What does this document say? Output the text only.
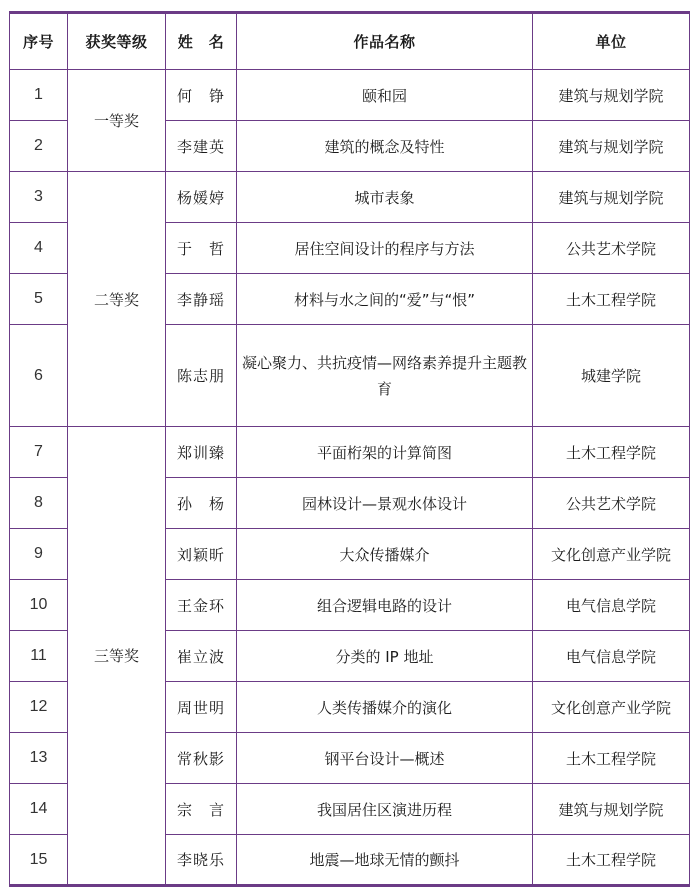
序号	获奖等级	姓　名	作品名称	单位
1	一等奖	何　铮	颐和园	建筑与规划学院
2		李建英	建筑的概念及特性	建筑与规划学院
3	二等奖	杨媛婷	城市表象	建筑与规划学院
4		于　哲	居住空间设计的程序与方法	公共艺术学院
5		李静瑶	材料与水之间的“爱”与“恨”	土木工程学院
6		陈志朋	凝心聚力、共抗疫情—网络素养提升主题教育	城建学院
7	三等奖	郑训臻	平面桁架的计算简图	土木工程学院
8		孙　杨	园林设计—景观水体设计	公共艺术学院
9		刘颖昕	大众传播媒介	文化创意产业学院
10		王金环	组合逻辑电路的设计	电气信息学院
11		崔立波	分类的 IP 地址	电气信息学院
12		周世明	人类传播媒介的演化	文化创意产业学院
13		常秋影	钢平台设计—概述	土木工程学院
14		宗　言	我国居住区演进历程	建筑与规划学院
15		李晓乐	地震—地球无情的颤抖	土木工程学院
